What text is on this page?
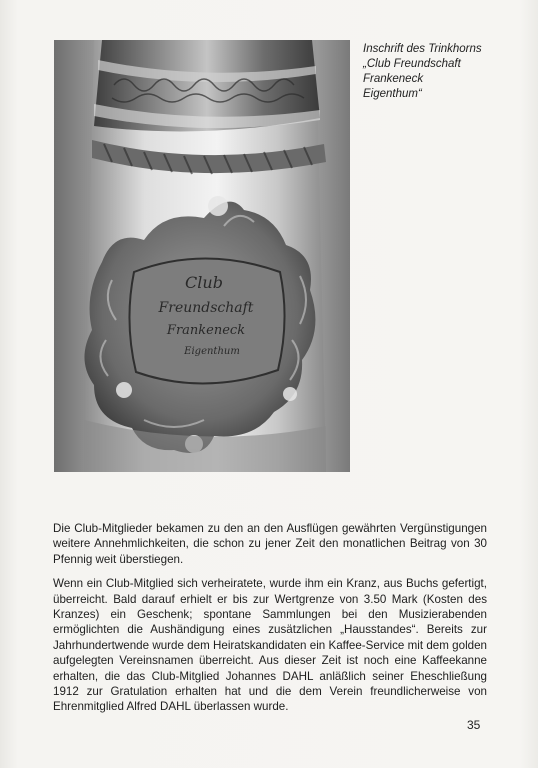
Club
Freundschaft
Frankeneck
Eigenthum
Inschrift des Trinkhorns
„Club Freundschaft
Frankeneck
Eigenthum“

Die Club-Mitglieder bekamen zu den an den Ausflügen gewährten Vergünstigungen weitere Annehmlichkeiten, die schon zu jener Zeit den monatlichen Beitrag von 30 Pfennig weit überstiegen.

Wenn ein Club-Mitglied sich verheiratete, wurde ihm ein Kranz, aus Buchs gefertigt, überreicht. Bald darauf erhielt er bis zur Wertgrenze von 3.50 Mark (Kosten des Kranzes) ein Geschenk; spontane Sammlungen bei den Musizierabenden ermöglichten die Aushändigung eines zusätzlichen „Hausstandes“. Bereits zur Jahrhundertwende wurde dem Heiratskandidaten ein Kaffee-Service mit dem golden aufgelegten Vereinsnamen überreicht. Aus dieser Zeit ist noch eine Kaffeekanne erhalten, die das Club-Mitglied Johannes DAHL anläßlich seiner Eheschließung 1912 zur Gratulation erhalten hat und die dem Verein freundlicherweise von Ehrenmitglied Alfred DAHL überlassen wurde.

35
